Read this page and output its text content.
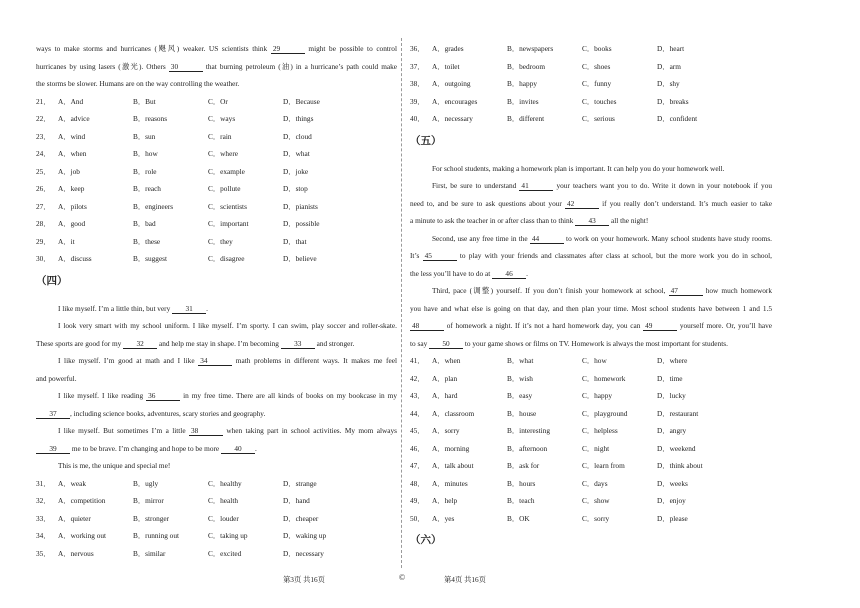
ways to make storms and hurricanes (飓风) weaker. US scientists think 29	might be possible to control
hurricanes by using lasers (激光). Others 30	that burning petroleum (油) in a hurricane’s path could make
the storms be slower. Humans are on the way controlling the weather.
21．	A．And	B．But	C．Or	D．Because
22．	A．advice	B．reasons	C．ways	D．things
23．	A．wind	B．sun	C．rain	D．cloud
24．	A．when	B．how	C．where	D．what
25．	A．job	B．role	C．example	D．joke
26．	A．keep	B．reach	C．pollute	D．stop
27．	A．pilots	B．engineers	C．scientists	D．pianists
28．	A．good	B．bad	C．important	D．possible
29．	A．it	B．these	C．they	D．that
30．	A．discuss	B．suggest	C．disagree	D．believe
（四）
I like myself. I’m a little thin, but very 31 .
I look very smart with my school uniform. I like myself. I’m sporty. I can swim, play soccer and roller-skate.
These sports are good for my 32 and help me stay in shape. I’m becoming 33 and stronger.
I like myself. I’m good at math and I like 34	math problems in different ways. It makes me feel
and powerful.
I like myself. I like reading 36	in my free time. There are all kinds of books on my bookcase in my
37 , including science books, adventures, scary stories and geography.
I like myself. But sometimes I’m a little 38	when taking part in school activities. My mom always
39 me to be brave. I’m changing and hope to be more 40 .
This is me, the unique and special me!
31．	A．weak	B．ugly	C．healthy	D．strange
32．	A．competition	B．mirror	C．health	D．hand
33．	A．quieter	B．stronger	C．louder	D．cheaper
34．	A．working out	B．running out	C．taking up	D．waking up
35．	A．nervous	B．similar	C．excited	D．necessary
36．	A．grades	B．newspapers	C．books	D．heart
37．	A．toilet	B．bedroom	C．shoes	D．arm
38．	A．outgoing	B．happy	C．funny	D．shy
39．	A．encourages	B．invites	C．touches	D．breaks
40．	A．necessary	B．different	C．serious	D．confident
（五）
For school students, making a homework plan is important. It can help you do your homework well.
First, be sure to understand 41	your teachers want you to do. Write it down in your notebook if you
need to, and be sure to ask questions about your 42	if you really don’t understand. It’s much easier to take
a minute to ask the teacher in or after class than to think 43 all the night!
Second, use any free time in the 44	to work on your homework. Many school students have study rooms.
It’s 45	to play with your friends and classmates after class at school, but the more work you do in school,
the less you’ll have to do at 46 .
Third, pace (调整) yourself. If you don’t finish your homework at school, 47	how much homework
you have and what else is going on that day, and then plan your time. Most school students have between 1 and 1.5
48	of homework a night. If it’s not a hard homework day, you can 49	yourself more. Or, you’ll have
to say 50 to your game shows or films on TV. Homework is always the most important for students.
41．	A．when	B．what	C．how	D．where
42．	A．plan	B．wish	C．homework	D．time
43．	A．hard	B．easy	C．happy	D．lucky
44．	A．classroom	B．house	C．playground	D．restaurant
45．	A．sorry	B．interesting	C．helpless	D．angry
46．	A．morning	B．afternoon	C．night	D．weekend
47．	A．talk about	B．ask for	C．learn from	D．think about
48．	A．minutes	B．hours	C．days	D．weeks
49．	A．help	B．teach	C．show	D．enjoy
50．	A．yes	B．OK	C．sorry	D．please
（六）
第3页 共16页	©	第4页 共16页
